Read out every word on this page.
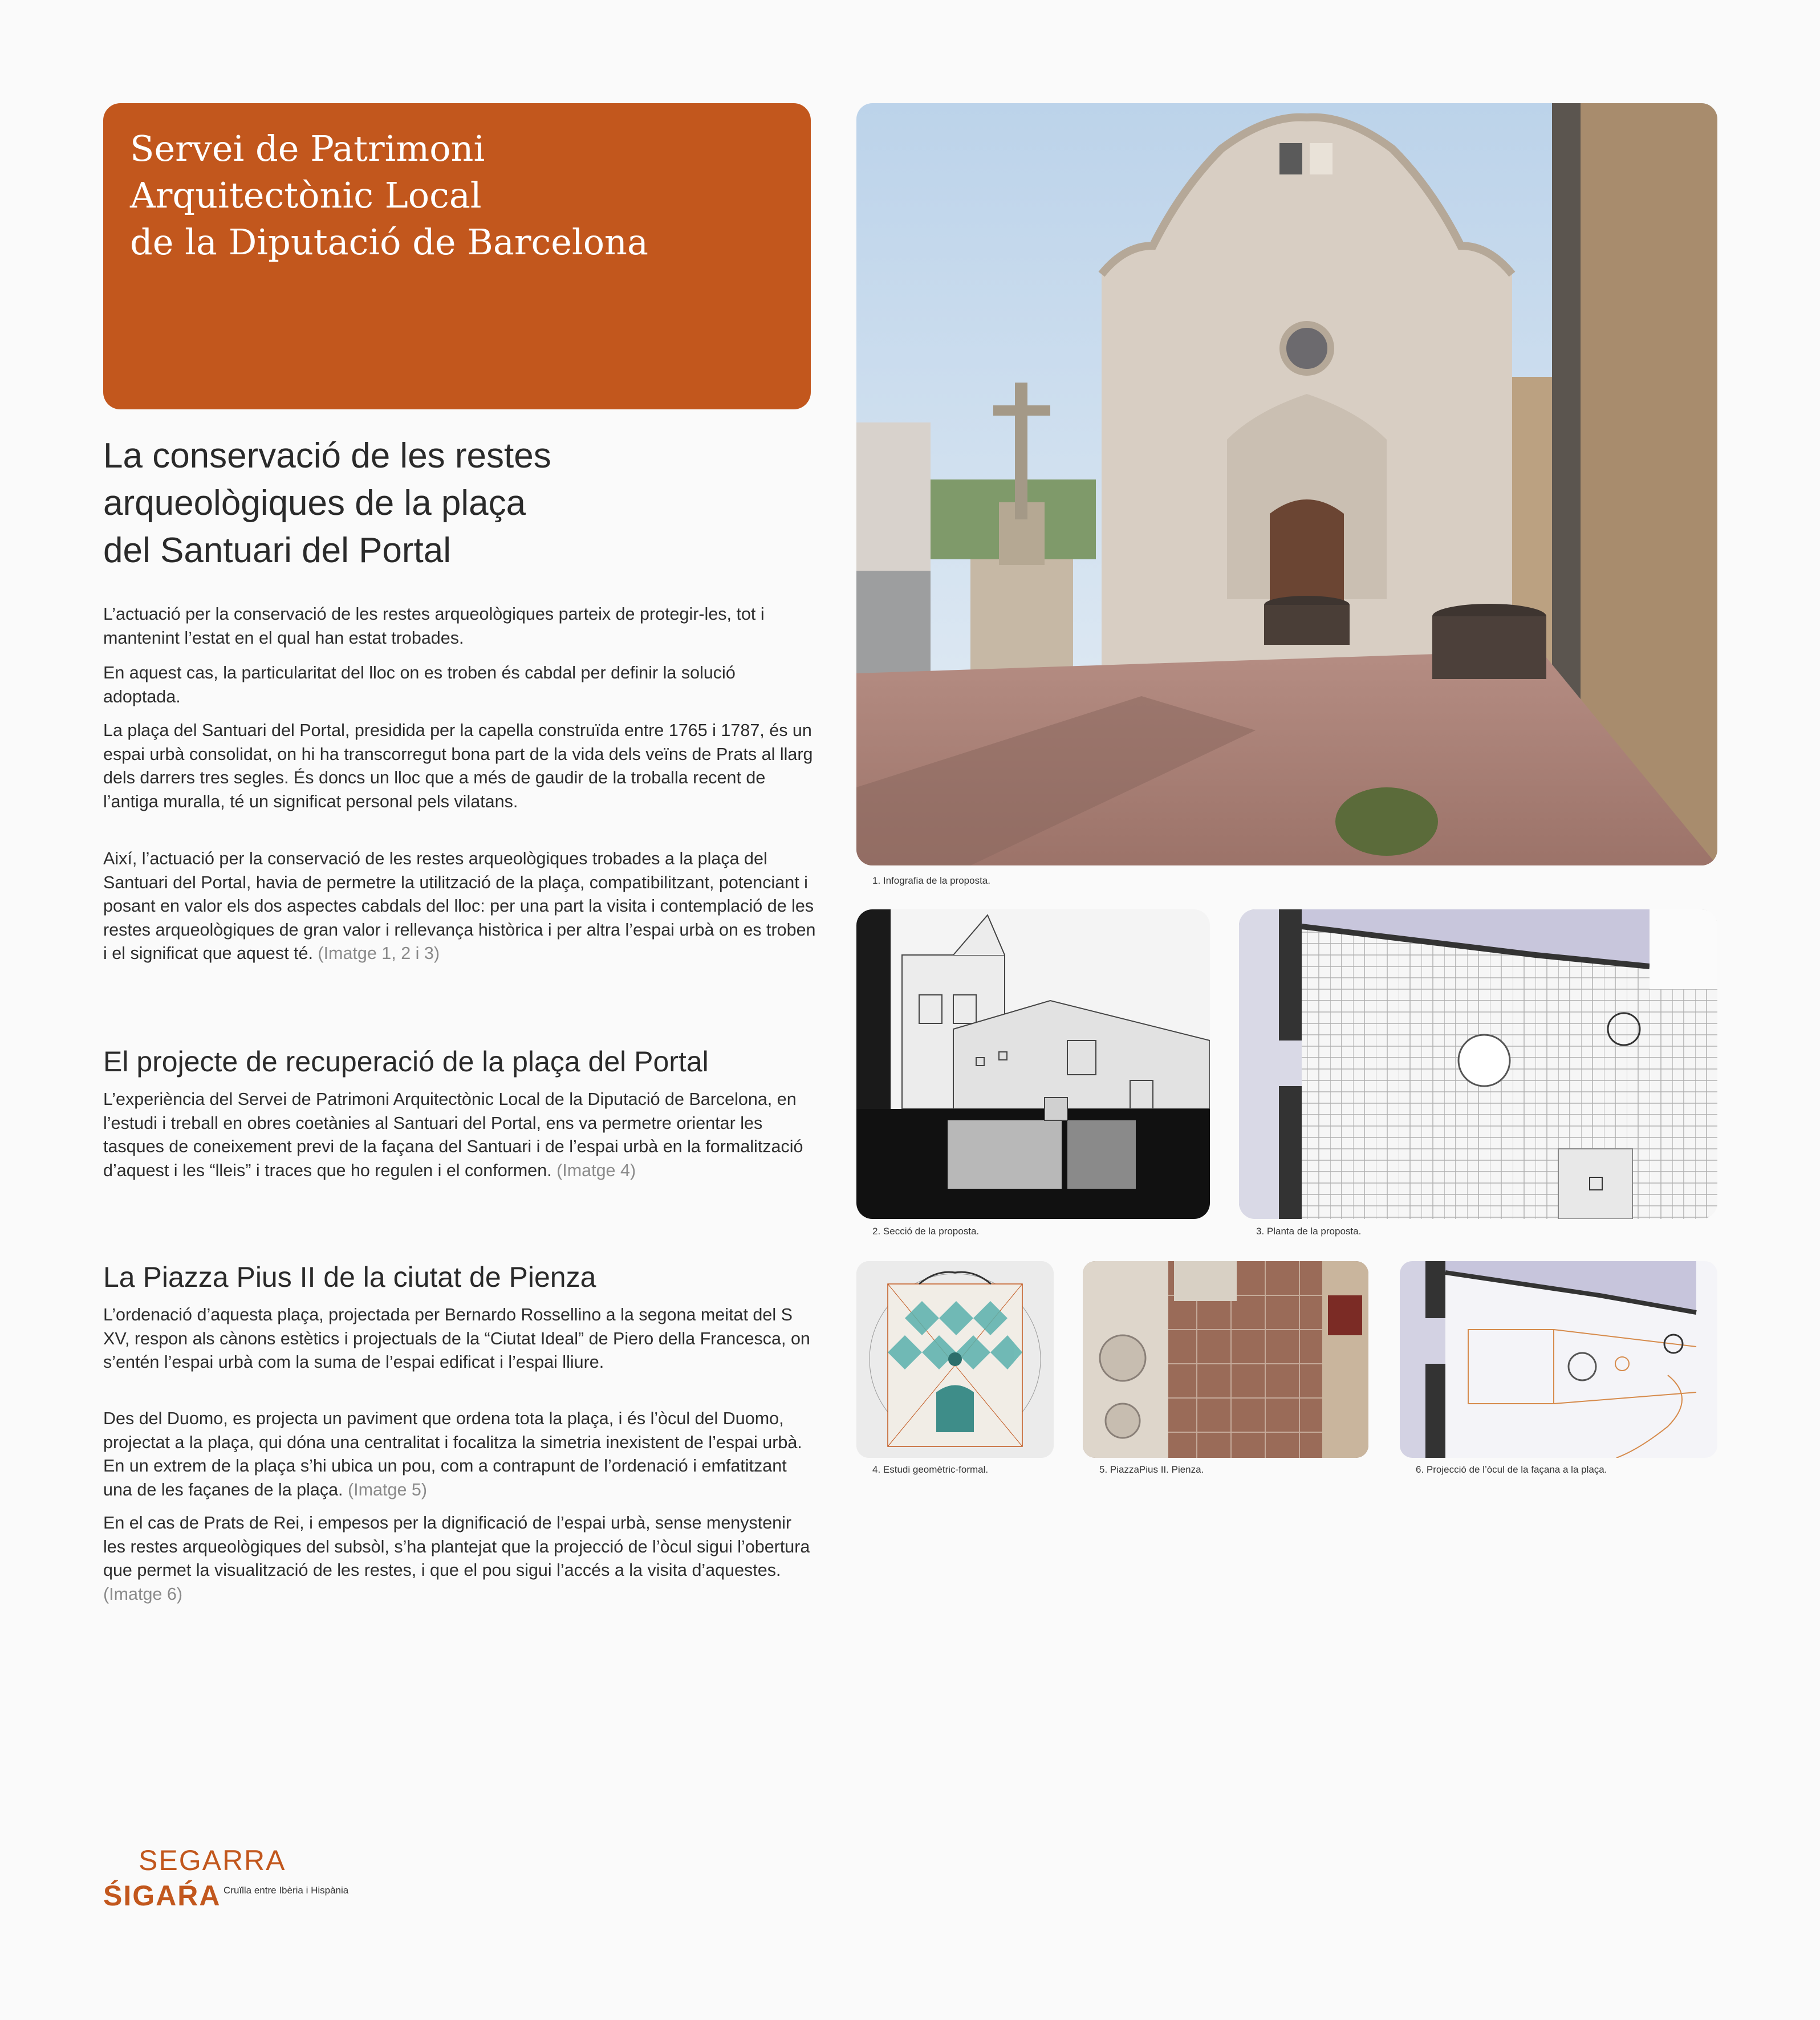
Servei de Patrimoni
Arquitectònic Local
de la Diputació de Barcelona
La conservació de les restes
arqueològiques de la plaça
del Santuari del Portal
L’actuació per la conservació de les restes arqueològiques parteix de protegir-les, tot i mantenint l’estat en el qual han estat trobades.
En aquest cas, la particularitat del lloc on es troben és cabdal per definir la solució adoptada.
La plaça del Santuari del Portal, presidida per la capella construïda entre 1765 i 1787, és un espai urbà consolidat, on hi ha transcorregut bona part de la vida dels veïns de Prats al llarg dels darrers tres segles. És doncs un lloc que a més de gaudir de la troballa recent de l’antiga muralla, té un significat personal pels vilatans.
Així, l’actuació per la conservació de les restes arqueològiques trobades a la plaça del Santuari del Portal, havia de permetre la utilització de la plaça, compatibilitzant, potenciant i posant en valor els dos aspectes cabdals del lloc: per una part la visita i contemplació de les restes arqueològiques de gran valor i rellevança històrica i per altra l’espai urbà on es troben i el significat que aquest té. (Imatge 1, 2 i 3)
El projecte de recuperació de la plaça del Portal
L’experiència del Servei de Patrimoni Arquitectònic Local de la Diputació de Barcelona, en l’estudi i treball en obres coetànies al Santuari del Portal, ens va permetre orientar les tasques de coneixement previ de la façana del Santuari i de l’espai urbà en la formalització d’aquest i les “lleis” i traces que ho regulen i el conformen. (Imatge 4)
La Piazza Pius II de la ciutat de Pienza
L’ordenació d’aquesta plaça, projectada per Bernardo Rossellino a la segona meitat del S XV, respon als cànons estètics i projectuals de la “Ciutat Ideal” de Piero della Francesca, on s’entén l’espai urbà com la suma de l’espai edificat i l’espai lliure.
Des del Duomo, es projecta un paviment que ordena tota la plaça, i és l’òcul del Duomo, projectat a la plaça, qui dóna una centralitat i focalitza la simetria inexistent de l’espai urbà. En un extrem de la plaça s’hi ubica un pou, com a contrapunt de l’ordenació i emfatitzant una de les façanes de la plaça. (Imatge 5)
En el cas de Prats de Rei, i empesos per la dignificació de l’espai urbà, sense menystenir les restes arqueològiques del subsòl, s’ha plantejat que la projecció de l’òcul sigui l’obertura que permet la visualització de les restes, i que el pou sigui l’accés a la visita d’aquestes. (Imatge 6)
1. Infografia de la proposta.
2. Secció de la proposta.	3. Planta de la proposta.
4. Estudi geomètric-formal.	5. PiazzaPius II. Pienza.	6. Projecció de l’òcul de la façana a la plaça.
SEGARRA
ŚIGAŔA Cruïlla entre Ibèria i Hispània
